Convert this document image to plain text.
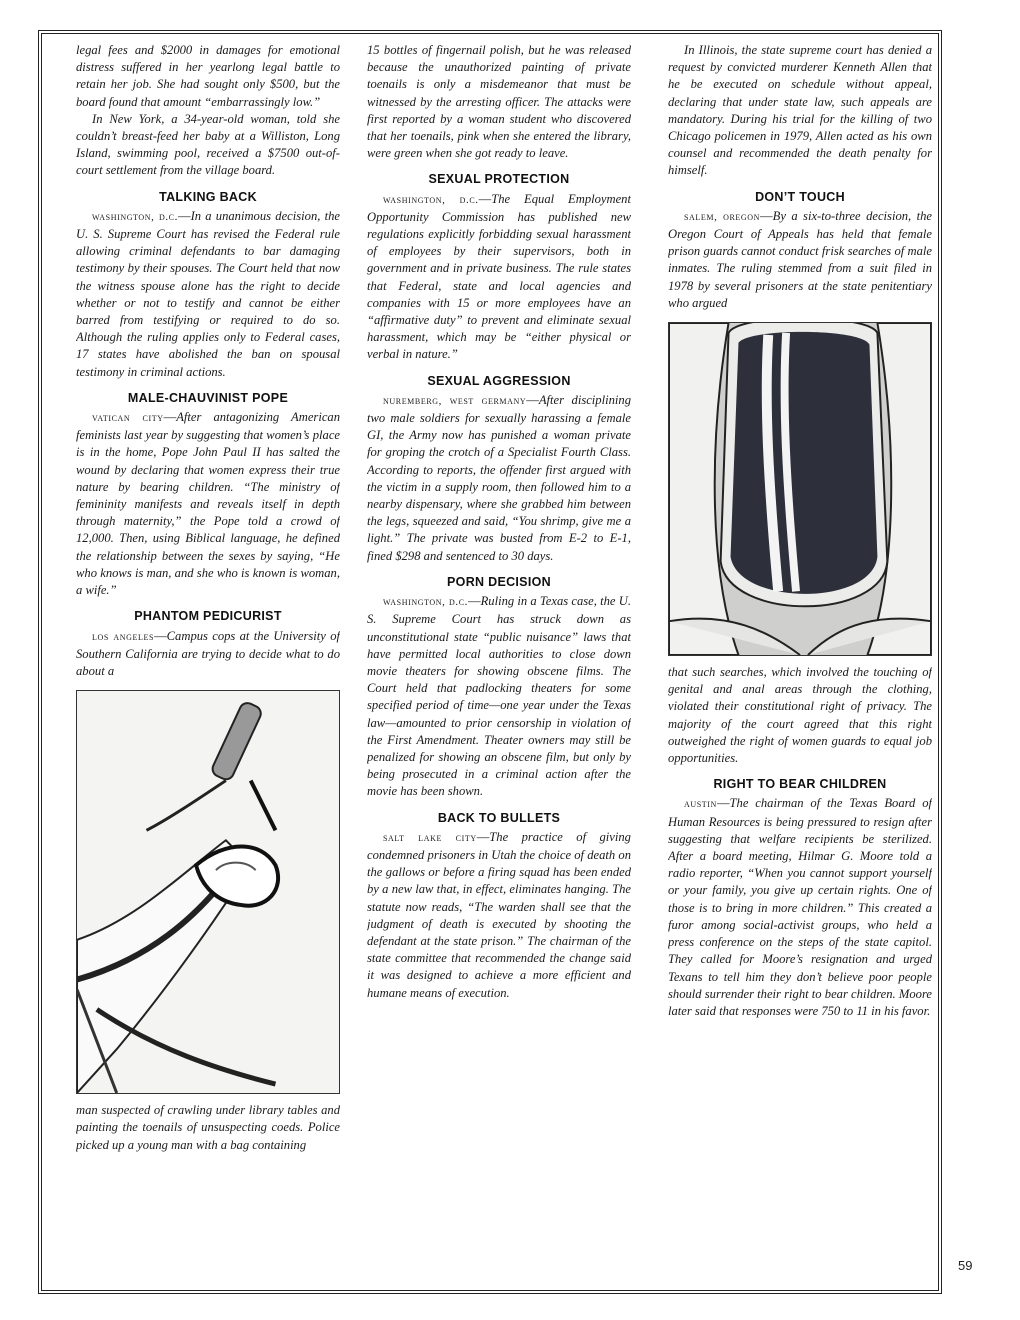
legal fees and $2000 in damages for emotional distress suffered in her yearlong legal battle to retain her job. She had sought only $500, but the board found that amount “embarrassingly low.”

In New York, a 34-year-old woman, told she couldn’t breast-feed her baby at a Williston, Long Island, swimming pool, received a $7500 out-of-court settlement from the village board.

TALKING BACK

washington, d.c.—In a unanimous decision, the U. S. Supreme Court has revised the Federal rule allowing criminal defendants to bar damaging testimony by their spouses. The Court held that now the witness spouse alone has the right to decide whether or not to testify and cannot be either barred from testifying or required to do so. Although the ruling applies only to Federal cases, 17 states have abolished the ban on spousal testimony in criminal actions.

MALE-CHAUVINIST POPE

vatican city—After antagonizing American feminists last year by suggesting that women’s place is in the home, Pope John Paul II has salted the wound by declaring that women express their true nature by bearing children. “The ministry of femininity manifests and reveals itself in depth through maternity,” the Pope told a crowd of 12,000. Then, using Biblical language, he defined the relationship between the sexes by saying, “He who knows is man, and she who is known is woman, a wife.”

PHANTOM PEDICURIST

los angeles—Campus cops at the University of Southern California are trying to decide what to do about a

man suspected of crawling under library tables and painting the toenails of unsuspecting coeds. Police picked up a young man with a bag containing

15 bottles of fingernail polish, but he was released because the unauthorized painting of private toenails is only a misdemeanor that must be witnessed by the arresting officer. The attacks were first reported by a woman student who discovered that her toenails, pink when she entered the library, were green when she got ready to leave.

SEXUAL PROTECTION

washington, d.c.—The Equal Employment Opportunity Commission has published new regulations explicitly forbidding sexual harassment of employees by their supervisors, both in government and in private business. The rule states that Federal, state and local agencies and companies with 15 or more employees have an “affirmative duty” to prevent and eliminate sexual harassment, which may be “either physical or verbal in nature.”

SEXUAL AGGRESSION

nuremberg, west germany—After disciplining two male soldiers for sexually harassing a female GI, the Army now has punished a woman private for groping the crotch of a Specialist Fourth Class. According to reports, the offender first argued with the victim in a supply room, then followed him to a nearby dispensary, where she grabbed him between the legs, squeezed and said, “You shrimp, give me a light.” The private was busted from E-2 to E-1, fined $298 and sentenced to 30 days.

PORN DECISION

washington, d.c.—Ruling in a Texas case, the U. S. Supreme Court has struck down as unconstitutional state “public nuisance” laws that have permitted local authorities to close down movie theaters for showing obscene films. The Court held that padlocking theaters for some specified period of time—one year under the Texas law—amounted to prior censorship in violation of the First Amendment. Theater owners may still be penalized for showing an obscene film, but only by being prosecuted in a criminal action after the movie has been shown.

BACK TO BULLETS

salt lake city—The practice of giving condemned prisoners in Utah the choice of death on the gallows or before a firing squad has been ended by a new law that, in effect, eliminates hanging. The statute now reads, “The warden shall see that the judgment of death is executed by shooting the defendant at the state prison.” The chairman of the state committee that recommended the change said it was designed to achieve a more efficient and humane means of execution.

In Illinois, the state supreme court has denied a request by convicted murderer Kenneth Allen that he be executed on schedule without appeal, declaring that under state law, such appeals are mandatory. During his trial for the killing of two Chicago policemen in 1979, Allen acted as his own counsel and recommended the death penalty for himself.

DON’T TOUCH

salem, oregon—By a six-to-three decision, the Oregon Court of Appeals has held that female prison guards cannot conduct frisk searches of male inmates. The ruling stemmed from a suit filed in 1978 by several prisoners at the state penitentiary who argued

that such searches, which involved the touching of genital and anal areas through the clothing, violated their constitutional right of privacy. The majority of the court agreed that this right outweighed the right of women guards to equal job opportunities.

RIGHT TO BEAR CHILDREN

austin—The chairman of the Texas Board of Human Resources is being pressured to resign after suggesting that welfare recipients be sterilized. After a board meeting, Hilmar G. Moore told a radio reporter, “When you cannot support yourself or your family, you give up certain rights. One of those is to bring in more children.” This created a furor among social-activist groups, who held a press conference on the steps of the state capitol. They called for Moore’s resignation and urged Texans to tell him they don’t believe poor people should surrender their right to bear children. Moore later said that responses were 750 to 11 in his favor.

59
